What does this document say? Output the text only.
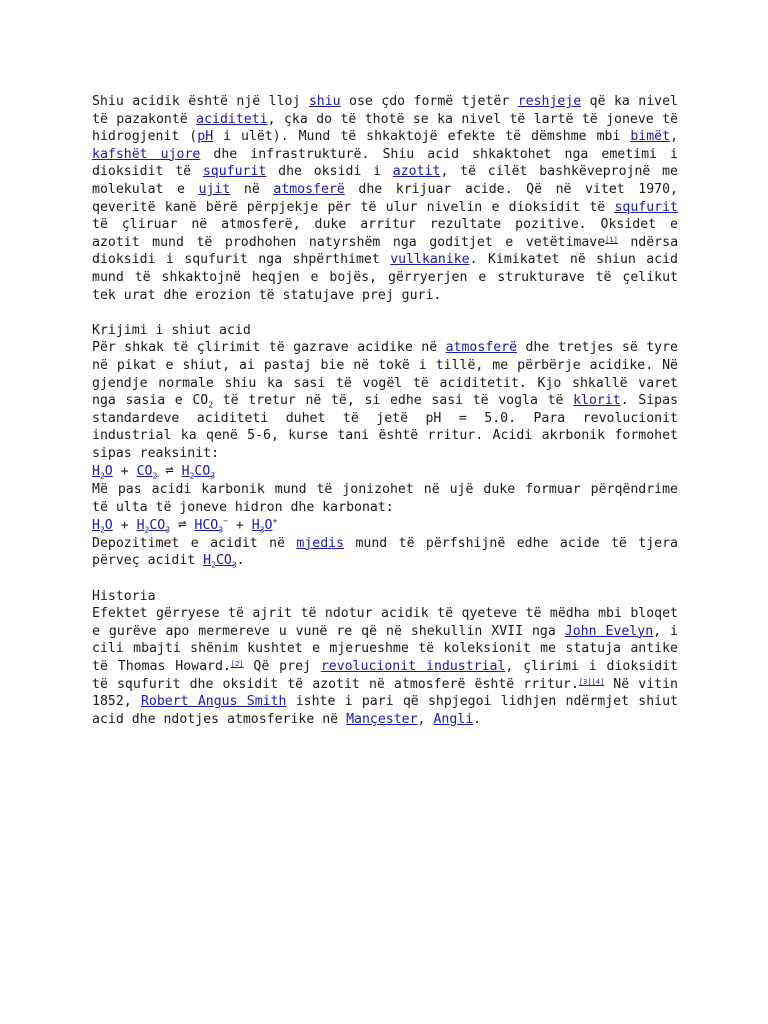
Shiu acidik është një lloj shiu ose çdo formë tjetër reshjeje që ka nivel të pazakontë aciditeti, çka do të thotë se ka nivel të lartë të joneve të hidrogjenit (pH i ulët). Mund të shkaktojë efekte të dëmshme mbi bimët, kafshët ujore dhe infrastrukturë. Shiu acid shkaktohet nga emetimi i dioksidit të squfurit dhe oksidi i azotit, të cilët bashkëveprojnë me molekulat e ujit në atmosferë dhe krijuar acide. Që në vitet 1970, qeveritë kanë bërë përpjekje për të ulur nivelin e dioksidit të squfurit të çliruar në atmosferë, duke arritur rezultate pozitive. Oksidet e azotit mund të prodhohen natyrshëm nga goditjet e vetëtimave[1] ndërsa dioksidi i squfurit nga shpërthimet vullkanike. Kimikatet në shiun acid mund të shkaktojnë heqjen e bojës, gërryerjen e strukturave të çelikut tek urat dhe erozion të statujave prej guri.

Krijimi i shiut acid

Për shkak të çlirimit të gazrave acidike në atmosferë dhe tretjes së tyre në pikat e shiut, ai pastaj bie në tokë i tillë, me përbërje acidike. Në gjendje normale shiu ka sasi të vogël të aciditetit. Kjo shkallë varet nga sasia e $CO_2$ të tretur në të, si edhe sasi të vogla të klorit. Sipas standardeve aciditeti duhet të jetë pH = 5.0. Para revolucionit industrial ka qenë 5-6, kurse tani është rritur. Acidi akrbonik formohet sipas reaksinit:

$H_2O + CO_2$ ⇌ $H_2CO_3$

Më pas acidi karbonik mund të jonizohet në ujë duke formuar përqëndrime të ulta të joneve hidron dhe karbonat:

$H_2O + H_2CO_3$ ⇌ $HCO_3^- + H_3O^+$

Depozitimet e acidit në mjedis mund të përfshijnë edhe acide të tjera përveç acidit $H_2CO_3$.

Historia

Efektet gërryese të ajrit të ndotur acidik të qyeteve të mëdha mbi bloqet e gurëve apo mermereve u vunë re që në shekullin XVII nga John Evelyn, i cili mbajti shënim kushtet e mjerueshme të koleksionit me statuja antike të Thomas Howard.[2] Që prej revolucionit industrial, çlirimi i dioksidit të squfurit dhe oksidit të azotit në atmosferë është rritur.[3][4] Në vitin 1852, Robert Angus Smith ishte i pari që shpjegoi lidhjen ndërmjet shiut acid dhe ndotjes atmosferike në Mançester, Angli.
